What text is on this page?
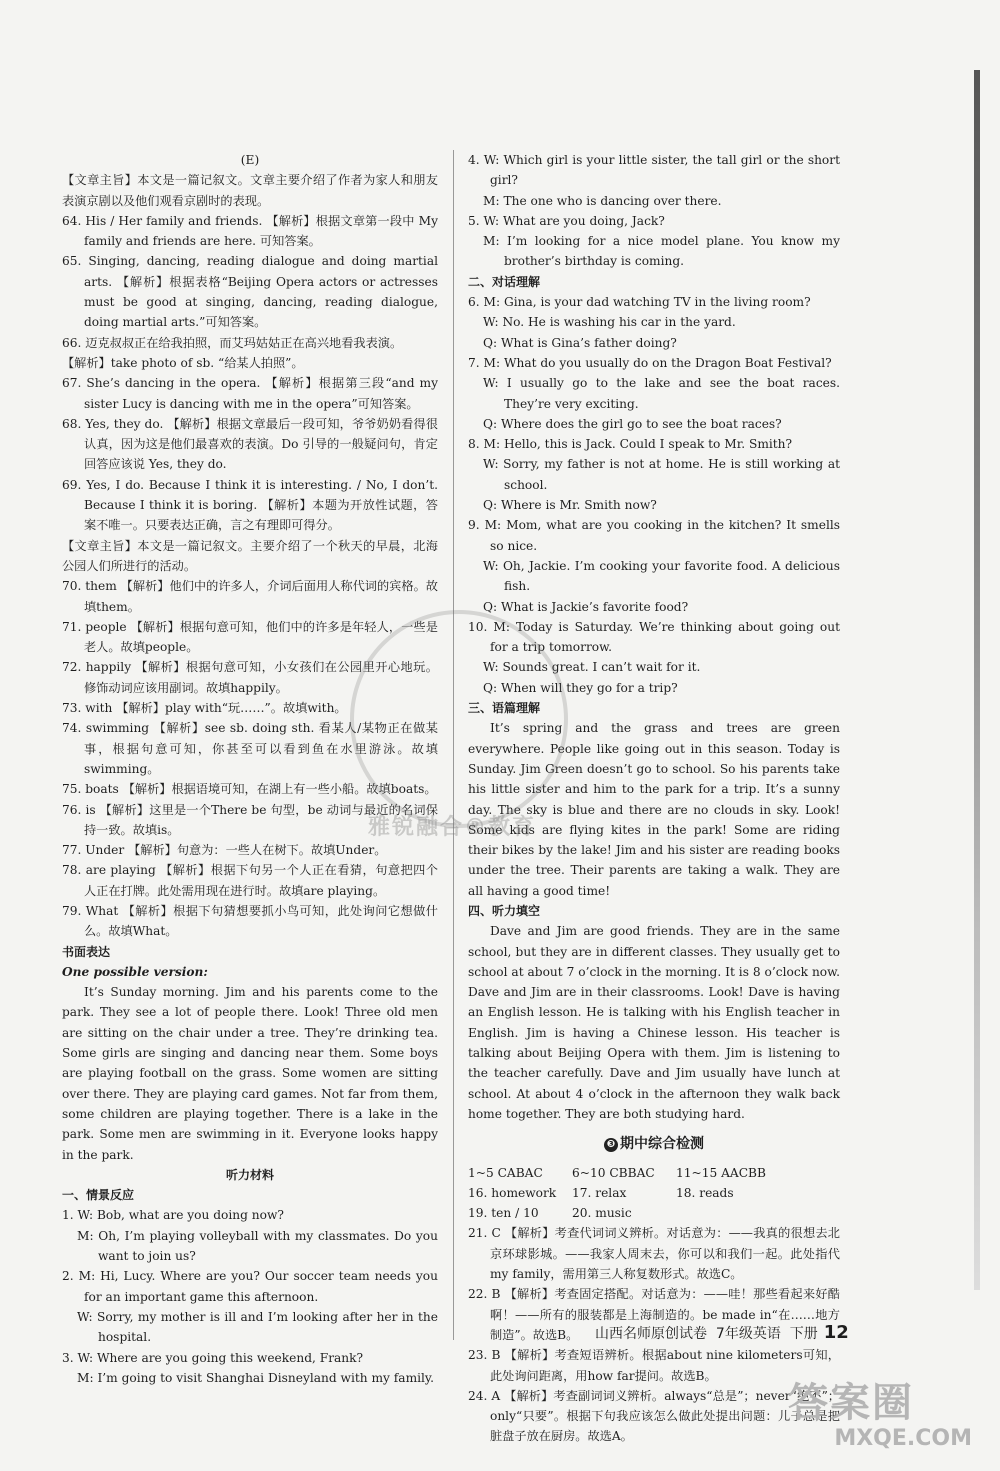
(E)

【文章主旨】本文是一篇记叙文。文章主要介绍了作者为家人和朋友表演京剧以及他们观看京剧时的表现。

64. His / Her family and friends. 【解析】根据文章第一段中 My family and friends are here. 可知答案。

65. Singing, dancing, reading dialogue and doing martial arts. 【解析】根据表格“Beijing Opera actors or actresses must be good at singing, dancing, reading dialogue, doing martial arts.”可知答案。

66. 迈克叔叔正在给我拍照，而艾玛姑姑正在高兴地看我表演。

【解析】take photo of sb. “给某人拍照”。

67. She’s dancing in the opera. 【解析】根据第三段“and my sister Lucy is dancing with me in the opera”可知答案。

68. Yes, they do. 【解析】根据文章最后一段可知，爷爷奶奶看得很认真，因为这是他们最喜欢的表演。Do 引导的一般疑问句，肯定回答应该说 Yes, they do.

69. Yes, I do. Because I think it is interesting. / No, I don’t. Because I think it is boring. 【解析】本题为开放性试题，答案不唯一。只要表达正确，言之有理即可得分。

【文章主旨】本文是一篇记叙文。主要介绍了一个秋天的早晨，北海公园人们所进行的活动。

70. them 【解析】他们中的许多人，介词后面用人称代词的宾格。故填them。

71. people 【解析】根据句意可知，他们中的许多是年轻人，一些是老人。故填people。

72. happily 【解析】根据句意可知，小女孩们在公园里开心地玩。修饰动词应该用副词。故填happily。

73. with 【解析】play with“玩……”。故填with。

74. swimming 【解析】see sb. doing sth. 看某人/某物正在做某事，根据句意可知，你甚至可以看到鱼在水里游泳。故填swimming。

75. boats 【解析】根据语境可知，在湖上有一些小船。故填boats。

76. is 【解析】这里是一个There be 句型，be 动词与最近的名词保持一致。故填is。

77. Under 【解析】句意为：一些人在树下。故填Under。

78. are playing 【解析】根据下句另一个人正在看猜，句意把四个人正在打牌。此处需用现在进行时。故填are playing。

79. What 【解析】根据下句猜想要抓小鸟可知，此处询问它想做什么。故填What。

书面表达

One possible version:

It’s Sunday morning. Jim and his parents come to the park. They see a lot of people there. Look! Three old men are sitting on the chair under a tree. They’re drinking tea. Some girls are singing and dancing near them. Some boys are playing football on the grass. Some women are sitting over there. They are playing card games. Not far from them, some children are playing together. There is a lake in the park. Some men are swimming in it. Everyone looks happy in the park.

听力材料

一、情景反应

1. W: Bob, what are you doing now?

M: Oh, I’m playing volleyball with my classmates. Do you want to join us?

2. M: Hi, Lucy. Where are you? Our soccer team needs you for an important game this afternoon.

W: Sorry, my mother is ill and I’m looking after her in the hospital.

3. W: Where are you going this weekend, Frank?

M: I’m going to visit Shanghai Disneyland with my family.

4. W: Which girl is your little sister, the tall girl or the short girl?

M: The one who is dancing over there.

5. W: What are you doing, Jack?

M: I’m looking for a nice model plane. You know my brother’s birthday is coming.

二、对话理解

6. M: Gina, is your dad watching TV in the living room?

W: No. He is washing his car in the yard.

Q: What is Gina’s father doing?

7. M: What do you usually do on the Dragon Boat Festival?

W: I usually go to the lake and see the boat races. They’re very exciting.

Q: Where does the girl go to see the boat races?

8. M: Hello, this is Jack. Could I speak to Mr. Smith?

W: Sorry, my father is not at home. He is still working at school.

Q: Where is Mr. Smith now?

9. M: Mom, what are you cooking in the kitchen? It smells so nice.

W: Oh, Jackie. I’m cooking your favorite food. A delicious fish.

Q: What is Jackie’s favorite food?

10. M: Today is Saturday. We’re thinking about going out for a trip tomorrow.

W: Sounds great. I can’t wait for it.

Q: When will they go for a trip?

三、语篇理解

It’s spring and the grass and trees are green everywhere. People like going out in this season. Today is Sunday. Jim Green doesn’t go to school. So his parents take his little sister and him to the park for a trip. It’s a sunny day. The sky is blue and there are no clouds in sky. Look! Some kids are flying kites in the park! Some are riding their bikes by the lake! Jim and his sister are reading books under the tree. Their parents are taking a walk. They are all having a good time!

四、听力填空

Dave and Jim are good friends. They are in the same school, but they are in different classes. They usually get to school at about 7 o’clock in the morning. It is 8 o’clock now. Dave and Jim are in their classrooms. Look! Dave is having an English lesson. He is talking with his English teacher in English. Jim is having a Chinese lesson. His teacher is talking about Beijing Opera with them. Jim is listening to the teacher carefully. Dave and Jim usually have lunch at school. At about 4 o’clock in the afternoon they walk back home together. They are both studying hard.

❸ 期中综合检测
1~5 CABAC	6~10 CBBAC	11~15 AACBB
16. homework	17. relax	18. reads
19. ten / 10	20. music

21. C 【解析】考查代词词义辨析。对话意为：——我真的很想去北京环球影城。——我家人周末去，你可以和我们一起。此处指代 my family，需用第三人称复数形式。故选C。

22. B 【解析】考查固定搭配。对话意为：——哇！那些看起来好酷啊！——所有的服装都是上海制造的。be made in“在……地方制造”。故选B。

23. B 【解析】考查短语辨析。根据about nine kilometers可知，此处询问距离，用how far提问。故选B。

24. A 【解析】考查副词词义辨析。always“总是”；never“绝不”；only“只要”。根据下句我应该怎么做此处提出问题：儿子总是把脏盘子放在厨房。故选A。

山西名师原创试卷 7年级英语 下册 12
雅锐融合®教育
答案圈
MXQE.COM
